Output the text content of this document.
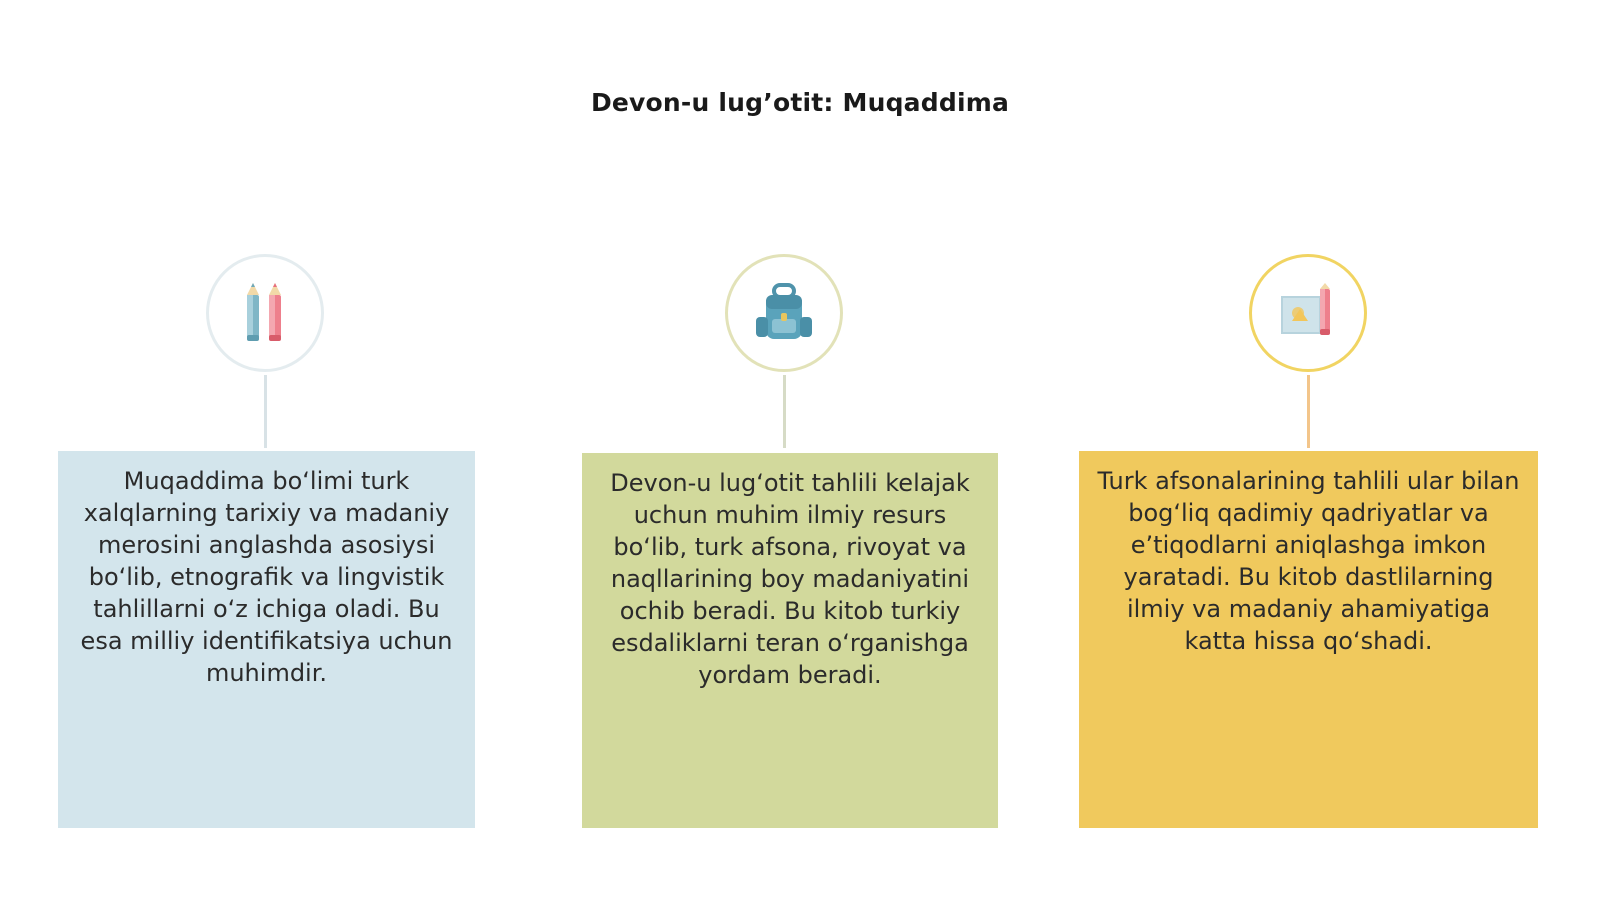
Devon-u lug’otit: Muqaddima
Muqaddima bo‘limi turk xalqlarning tarixiy va madaniy merosini anglashda asosiysi bo‘lib, etnografik va lingvistik tahlillarni o‘z ichiga oladi. Bu esa milliy identifikatsiya uchun muhimdir.
Devon-u lug‘otit tahlili kelajak uchun muhim ilmiy resurs bo‘lib, turk afsona, rivoyat va naqllarining boy madaniyatini ochib beradi. Bu kitob turkiy esdaliklarni teran o‘rganishga yordam beradi.
Turk afsonalarining tahlili ular bilan bog‘liq qadimiy qadriyatlar va e’tiqodlarni aniqlashga imkon yaratadi. Bu kitob dastlilarning ilmiy va madaniy ahamiyatiga katta hissa qo‘shadi.
